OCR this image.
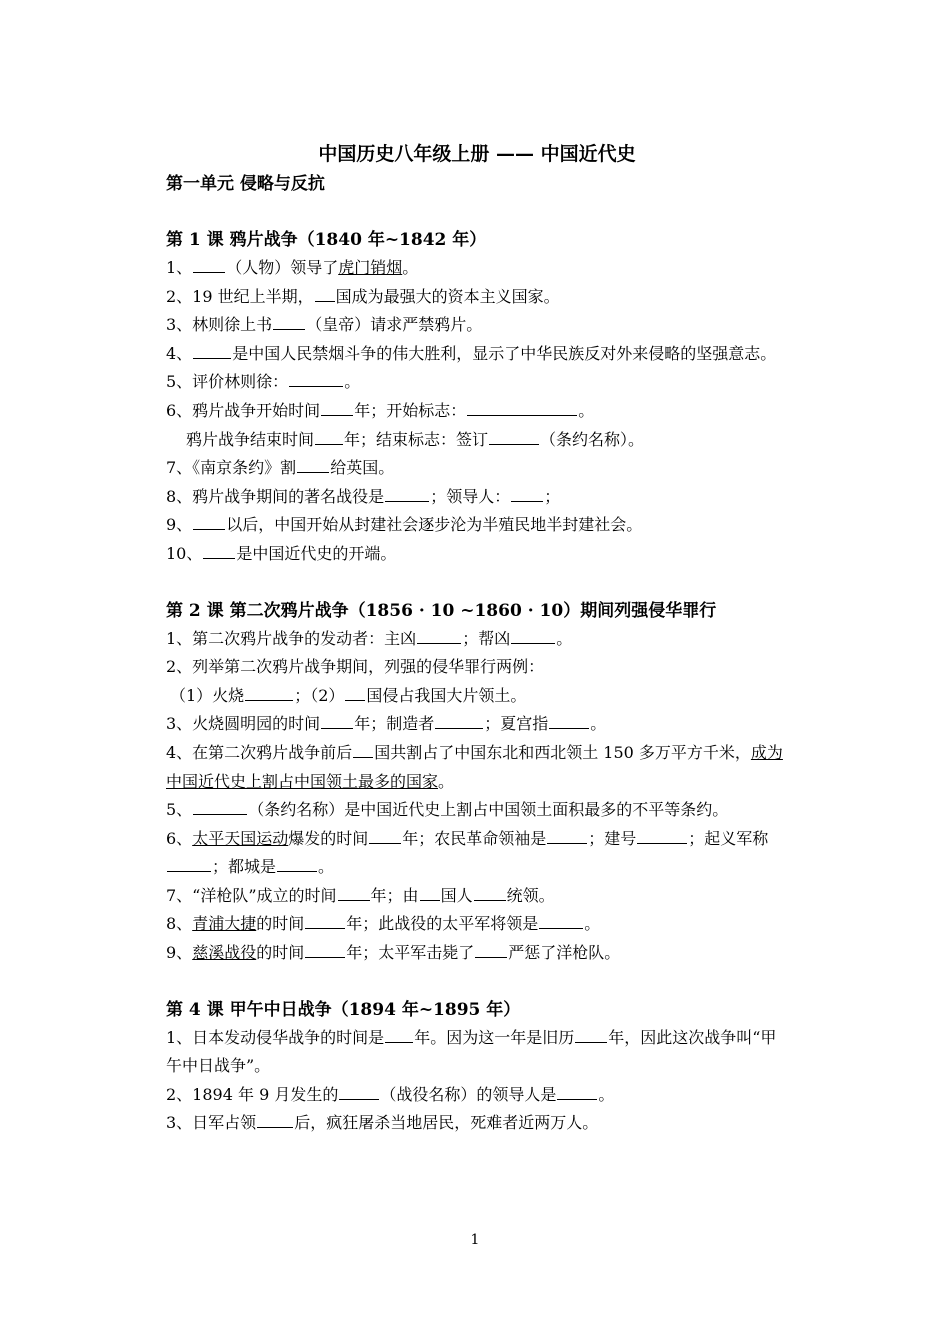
中国历史八年级上册 —— 中国近代史

第一单元 侵略与反抗

第 1 课 鸦片战争（1840 年~1842 年）

1、 （人物）领导了虎门销烟。

2、19 世纪上半期， 国成为最强大的资本主义国家。

3、林则徐上书 （皇帝）请求严禁鸦片。

4、	是中国人民禁烟斗争的伟大胜利，显示了中华民族反对外来侵略的坚强意志。

5、评价林则徐：	。

6、鸦片战争开始时间 年；开始标志：	。

鸦片战争结束时间 年；结束标志：签订	（条约名称）。

7、《南京条约》割 给英国。

8、鸦片战争期间的著名战役是	；领导人： ；

9、 以后，中国开始从封建社会逐步沦为半殖民地半封建社会。

10、 是中国近代史的开端。

第 2 课 第二次鸦片战争（1856 · 10 ~1860 · 10）期间列强侵华罪行

1、第二次鸦片战争的发动者：主凶	；帮凶	。

2、列举第二次鸦片战争期间，列强的侵华罪行两例：

（1）火烧	；（2） 国侵占我国大片领土。

3、火烧圆明园的时间 年；制造者	；夏宫指	。

4、在第二次鸦片战争前后 国共割占了中国东北和西北领土 150 多万平方千米，成为中国近代史上割占中国领土最多的国家。

5、	（条约名称）是中国近代史上割占中国领土面积最多的不平等条约。

6、太平天国运动爆发的时间 年；农民革命领袖是	；建号	；起义军称；都城是	。

7、“洋枪队”成立的时间 年；由 国人 统领。

8、青浦大捷的时间	年；此战役的太平军将领是	。

9、慈溪战役的时间	年；太平军击毙了 严惩了洋枪队。

第 4 课 甲午中日战争（1894 年~1895 年）

1、日本发动侵华战争的时间是 年。因为这一年是旧历 年，因此这次战争叫“甲午中日战争”。

2、1894 年 9 月发生的	（战役名称）的领导人是	。

3、日军占领 后，疯狂屠杀当地居民，死难者近两万人。

1
